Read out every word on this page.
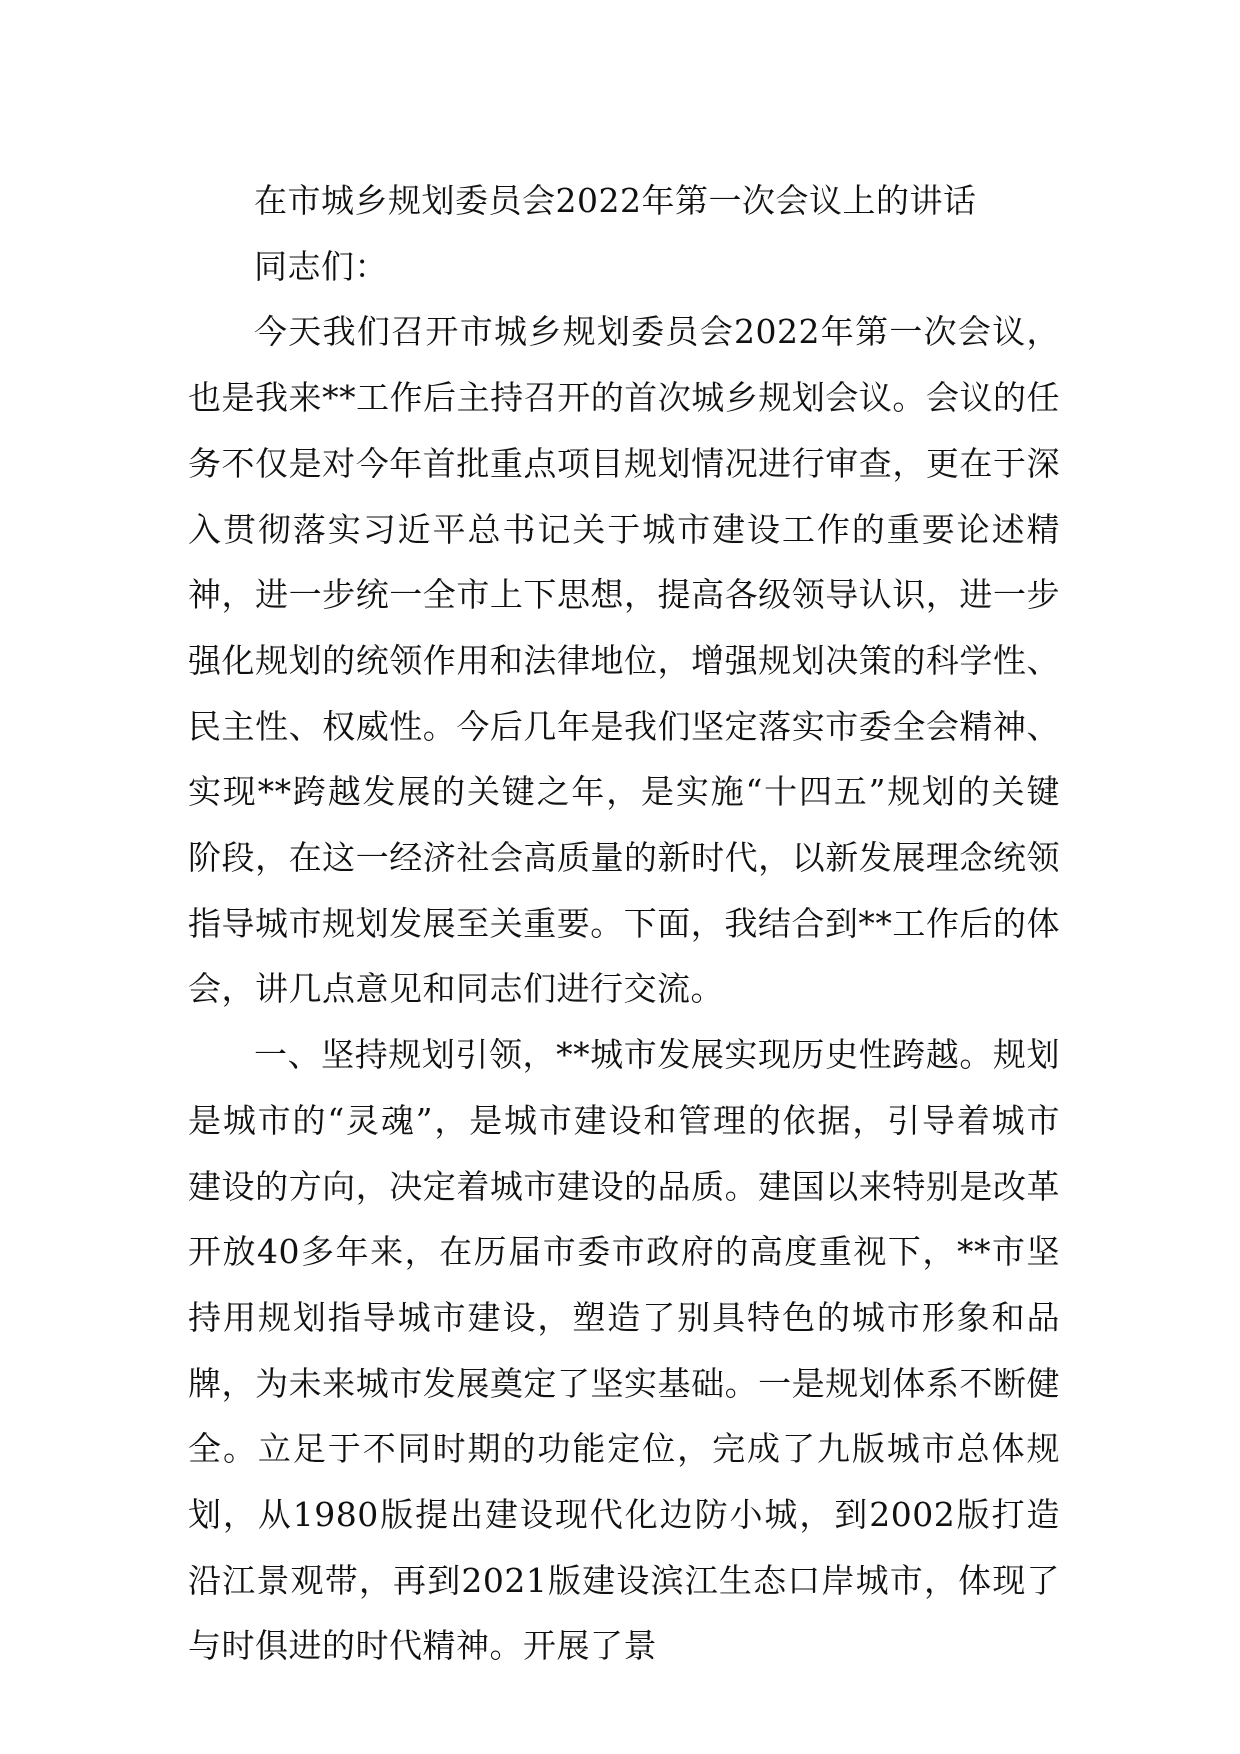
在市城乡规划委员会2022年第一次会议上的讲话

同志们：

今天我们召开市城乡规划委员会2022年第一次会议，也是我来**工作后主持召开的首次城乡规划会议。会议的任务不仅是对今年首批重点项目规划情况进行审查，更在于深入贯彻落实习近平总书记关于城市建设工作的重要论述精神，进一步统一全市上下思想，提高各级领导认识，进一步强化规划的统领作用和法律地位，增强规划决策的科学性、民主性、权威性。今后几年是我们坚定落实市委全会精神、实现**跨越发展的关键之年，是实施“十四五”规划的关键阶段，在这一经济社会高质量的新时代，以新发展理念统领指导城市规划发展至关重要。下面，我结合到**工作后的体会，讲几点意见和同志们进行交流。

一、坚持规划引领，**城市发展实现历史性跨越。规划是城市的“灵魂”，是城市建设和管理的依据，引导着城市建设的方向，决定着城市建设的品质。建国以来特别是改革开放40多年来，在历届市委市政府的高度重视下，**市坚持用规划指导城市建设，塑造了别具特色的城市形象和品牌，为未来城市发展奠定了坚实基础。一是规划体系不断健全。立足于不同时期的功能定位，完成了九版城市总体规划，从1980版提出建设现代化边防小城，到2002版打造沿江景观带，再到2021版建设滨江生态口岸城市，体现了与时俱进的时代精神。开展了景
